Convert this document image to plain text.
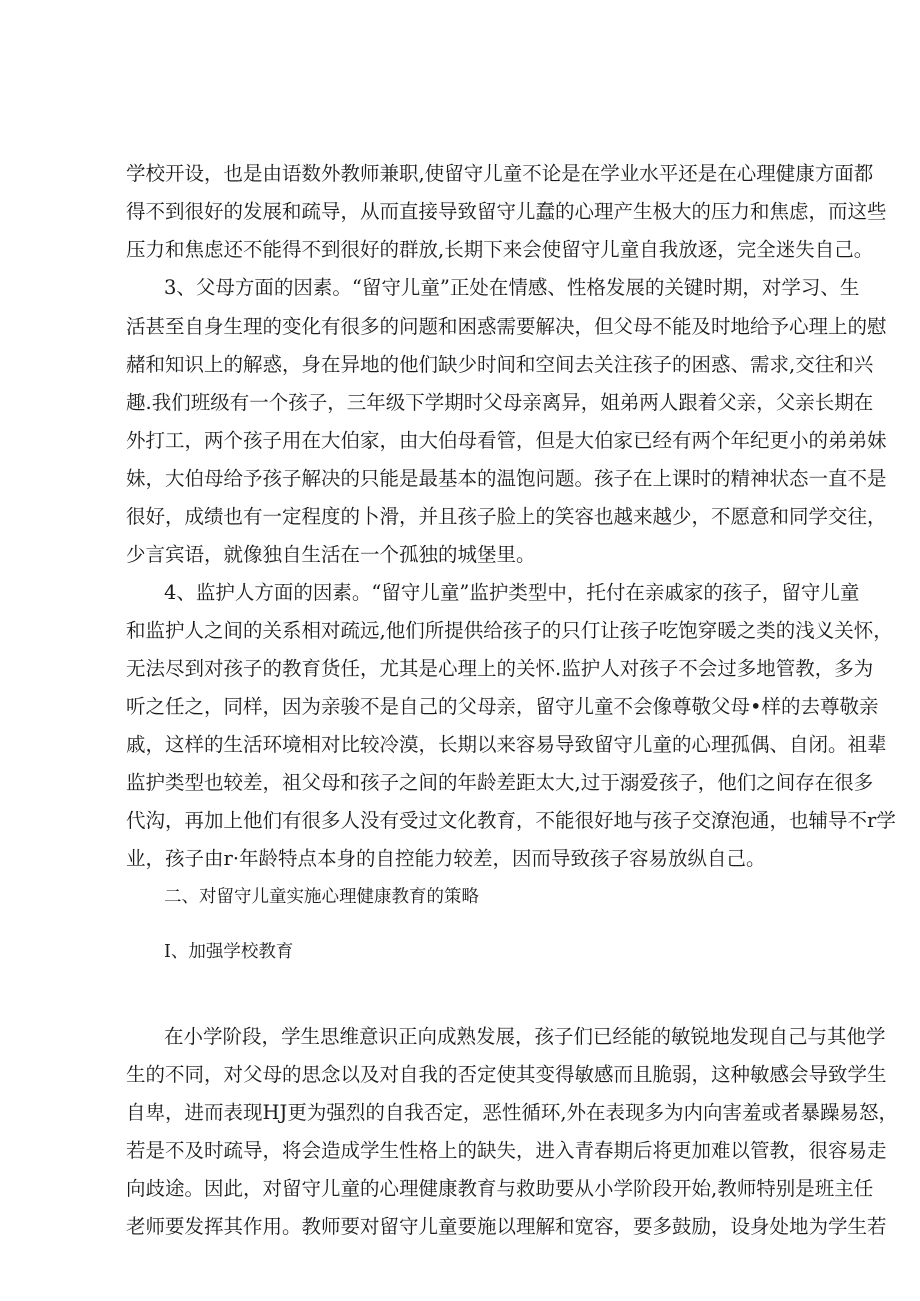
学校开设，也是由语数外教师兼职,使留守儿童不论是在学业水平还是在心理健康方面都
得不到很好的发展和疏导，从而直接导致留守儿蠢的心理产生极大的压力和焦虑，而这些
压力和焦虑还不能得不到很好的群放,长期下来会使留守儿童自我放逐，完全迷失自己。
3、父母方面的因素。“留守儿童”正处在情感、性格发展的关键时期，对学习、生
活甚至自身生理的变化有很多的问题和困惑需要解决，但父母不能及时地给予心理上的慰
赭和知识上的解惑，身在异地的他们缺少时间和空间去关注孩子的困惑、需求,交往和兴
趣.我们班级有一个孩子，三年级下学期时父母亲离异，姐弟两人跟着父亲，父亲长期在
外打工，两个孩子用在大伯家，由大伯母看管，但是大伯家已经有两个年纪更小的弟弟妹
妹，大伯母给予孩子解决的只能是最基本的温饱问题。孩子在上课时的精神状态一直不是
很好，成绩也有一定程度的卜滑，并且孩子脸上的笑容也越来越少，不愿意和同学交往，
少言宾语，就像独自生活在一个孤独的城堡里。
4、监护人方面的因素。“留守儿童”监护类型中，托付在亲戚家的孩子，留守儿童
和监护人之间的关系相对疏远,他们所提供给孩子的只仃让孩子吃饱穿暖之类的浅义关怀，
无法尽到对孩子的教育货任，尤其是心理上的关怀.监护人对孩子不会过多地管教，多为
听之任之，同样，因为亲骏不是自己的父母亲，留守儿童不会像尊敬父母•样的去尊敬亲
戚，这样的生活环境相对比较冷漠，长期以来容易导致留守儿童的心理孤偶、自闭。祖辈
监护类型也较差，祖父母和孩子之间的年龄差距太大,过于溺爱孩子，他们之间存在很多
代沟，再加上他们有很多人没有受过文化教育，不能很好地与孩子交潦泡通，也辅导不r学
业，孩子由r·年龄特点本身的自控能力较差，因而导致孩子容易放纵自己。
二、对留守儿童实施心理健康教育的策略
I、加强学校教育
在小学阶段，学生思维意识正向成熟发展，孩子们已经能的敏锐地发现自己与其他学
生的不同，对父母的思念以及对自我的否定使其变得敏感而且脆弱，这种敏感会导致学生
自卑，进而表现HJ更为强烈的自我否定，恶性循环,外在表现多为内向害羞或者暴躁易怒，
若是不及时疏导，将会造成学生性格上的缺失，进入青春期后将更加难以管教，很容易走
向歧途。因此，对留守儿童的心理健康教育与救助要从小学阶段开始,教师特别是班主任
老师要发挥其作用。教师要对留守儿童要施以理解和宽容，要多鼓励，设身处地为学生若
